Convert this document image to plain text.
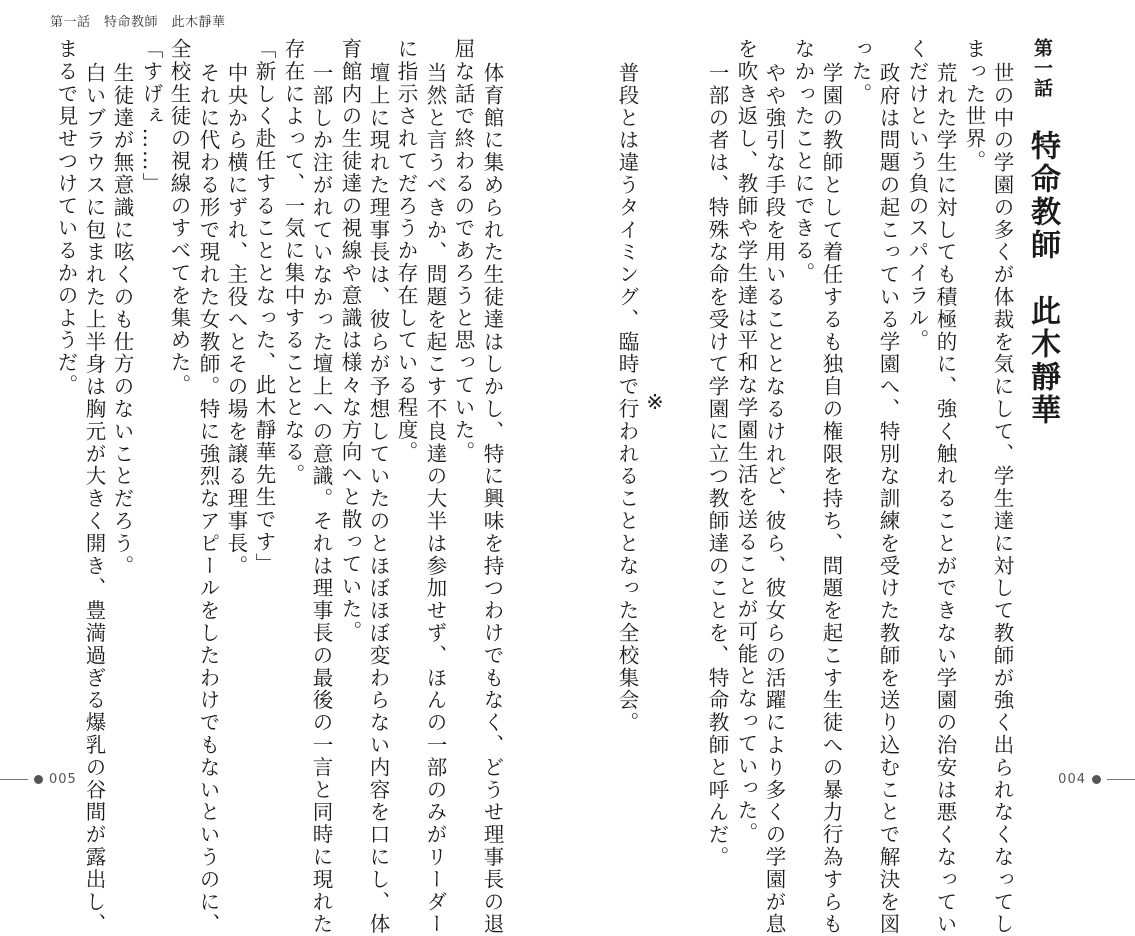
第一話　特命教師　此木靜華
第一話特命教師　此木靜華
世の中の学園の多くが体裁を気にして、学生達に対して教師が強く出られなくなってし
まった世界。
荒れた学生に対しても積極的に、強く触れることができない学園の治安は悪くなってい
くだけという負のスパイラル。
政府は問題の起こっている学園へ、特別な訓練を受けた教師を送り込むことで解決を図
った。
学園の教師として着任するも独自の権限を持ち、問題を起こす生徒への暴力行為すらも
なかったことにできる。
やや強引な手段を用いることとなるけれど、彼ら、彼女らの活躍により多くの学園が息
を吹き返し、教師や学生達は平和な学園生活を送ることが可能となっていった。
一部の者は、特殊な命を受けて学園に立つ教師達のことを、特命教師と呼んだ。
※
普段とは違うタイミング、臨時で行われることとなった全校集会。
体育館に集められた生徒達はしかし、特に興味を持つわけでもなく、どうせ理事長の退
屈な話で終わるのであろうと思っていた。
当然と言うべきか、問題を起こす不良達の大半は参加せず、ほんの一部のみがリーダー
に指示されてだろうか存在している程度。
壇上に現れた理事長は、彼らが予想していたのとほぼほぼ変わらない内容を口にし、体
育館内の生徒達の視線や意識は様々な方向へと散っていた。
一部しか注がれていなかった壇上への意識。それは理事長の最後の一言と同時に現れた
存在によって、一気に集中することとなる。
「新しく赴任することとなった、此木靜華先生です」
中央から横にずれ、主役へとその場を譲る理事長。
それに代わる形で現れた女教師。特に強烈なアピールをしたわけでもないというのに、
全校生徒の視線のすべてを集めた。
「すげぇ……」
生徒達が無意識に呟くのも仕方のないことだろう。
白いブラウスに包まれた上半身は胸元が大きく開き、豊満過ぎる爆乳の谷間が露出し、
まるで見せつけているかのようだ。
005	004
